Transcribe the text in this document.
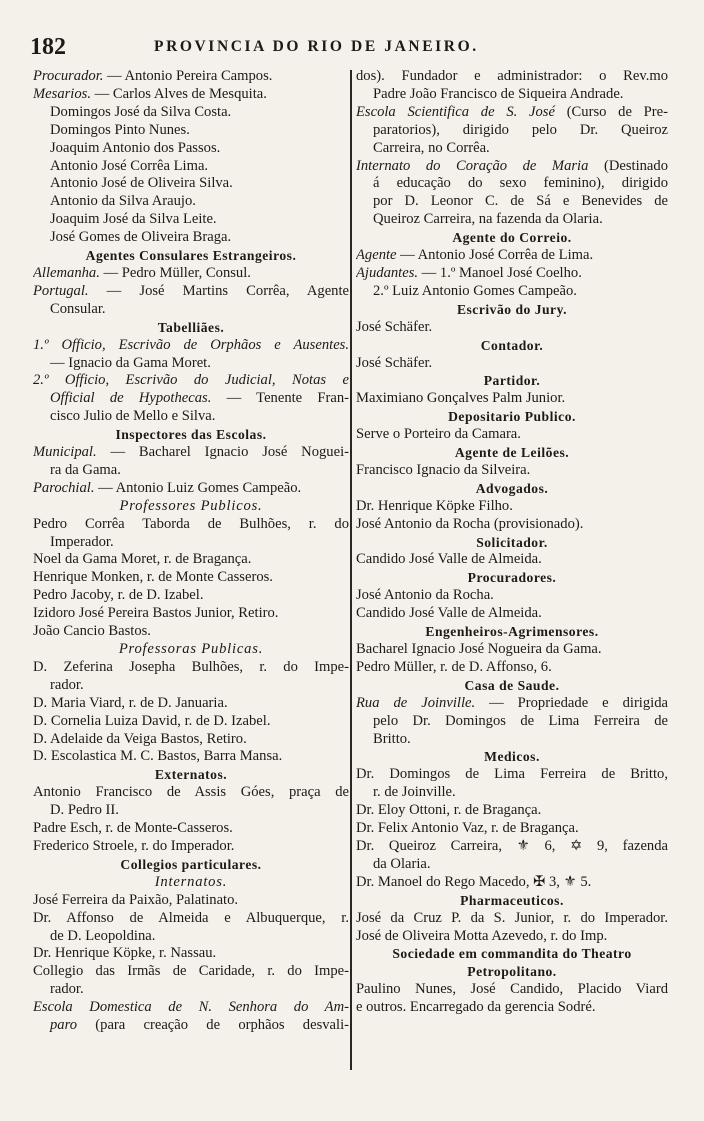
182	PROVINCIA DO RIO DE JANEIRO.
Procurador. — Antonio Pereira Campos.
Mesarios. — Carlos Alves de Mesquita.
Domingos José da Silva Costa.
Domingos Pinto Nunes.
Joaquim Antonio dos Passos.
Antonio José Corrêa Lima.
Antonio José de Oliveira Silva.
Antonio da Silva Araujo.
Joaquim José da Silva Leite.
José Gomes de Oliveira Braga.
Agentes Consulares Estrangeiros.
Allemanha. — Pedro Müller, Consul.
Portugal. — José Martins Corrêa, Agente
Consular.
Tabelliães.
1.º Officio, Escrivão de Orphãos e Ausentes.
— Ignacio da Gama Moret.
2.º Officio, Escrivão do Judicial, Notas e
Official de Hypothecas. — Tenente Fran-
cisco Julio de Mello e Silva.
Inspectores das Escolas.
Municipal. — Bacharel Ignacio José Noguei-
ra da Gama.
Parochial. — Antonio Luiz Gomes Campeão.
Professores Publicos.
Pedro Corrêa Taborda de Bulhões, r. do
Imperador.
Noel da Gama Moret, r. de Bragança.
Henrique Monken, r. de Monte Casseros.
Pedro Jacoby, r. de D. Izabel.
Izidoro José Pereira Bastos Junior, Retiro.
João Cancio Bastos.
Professoras Publicas.
D. Zeferina Josepha Bulhões, r. do Impe-
rador.
D. Maria Viard, r. de D. Januaria.
D. Cornelia Luiza David, r. de D. Izabel.
D. Adelaide da Veiga Bastos, Retiro.
D. Escolastica M. C. Bastos, Barra Mansa.
Externatos.
Antonio Francisco de Assis Góes, praça de
D. Pedro II.
Padre Esch, r. de Monte-Casseros.
Frederico Stroele, r. do Imperador.
Collegios particulares.
Internatos.
José Ferreira da Paixão, Palatinato.
Dr. Affonso de Almeida e Albuquerque, r.
de D. Leopoldina.
Dr. Henrique Köpke, r. Nassau.
Collegio das Irmãs de Caridade, r. do Impe-
rador.
Escola Domestica de N. Senhora do Am-
paro (para creação de orphãos desvali-
dos). Fundador e administrador: o Rev.mo
Padre João Francisco de Siqueira Andrade.
Escola Scientifica de S. José (Curso de Pre-
paratorios), dirigido pelo Dr. Queiroz
Carreira, no Corrêa.
Internato do Coração de Maria (Destinado
á educação do sexo feminino), dirigido
por D. Leonor C. de Sá e Benevides de
Queiroz Carreira, na fazenda da Olaria.
Agente do Correio.
Agente — Antonio José Corrêa de Lima.
Ajudantes. — 1.º Manoel José Coelho.
2.º Luiz Antonio Gomes Campeão.
Escrivão do Jury.
José Schäfer.
Contador.
José Schäfer.
Partidor.
Maximiano Gonçalves Palm Junior.
Depositario Publico.
Serve o Porteiro da Camara.
Agente de Leilões.
Francisco Ignacio da Silveira.
Advogados.
Dr. Henrique Köpke Filho.
José Antonio da Rocha (provisionado).
Solicitador.
Candido José Valle de Almeida.
Procuradores.
José Antonio da Rocha.
Candido José Valle de Almeida.
Engenheiros-Agrimensores.
Bacharel Ignacio José Nogueira da Gama.
Pedro Müller, r. de D. Affonso, 6.
Casa de Saude.
Rua de Joinville. — Propriedade e dirigida
pelo Dr. Domingos de Lima Ferreira de
Britto.
Medicos.
Dr. Domingos de Lima Ferreira de Britto,
r. de Joinville.
Dr. Eloy Ottoni, r. de Bragança.
Dr. Felix Antonio Vaz, r. de Bragança.
Dr. Queiroz Carreira, ⚜ 6, ✡ 9, fazenda
da Olaria.
Dr. Manoel do Rego Macedo, ✠ 3, ⚜ 5.
Pharmaceuticos.
José da Cruz P. da S. Junior, r. do Imperador.
José de Oliveira Motta Azevedo, r. do Imp.
Sociedade em commandita do Theatro
Petropolitano.
Paulino Nunes, José Candido, Placido Viard
e outros. Encarregado da gerencia Sodré.
